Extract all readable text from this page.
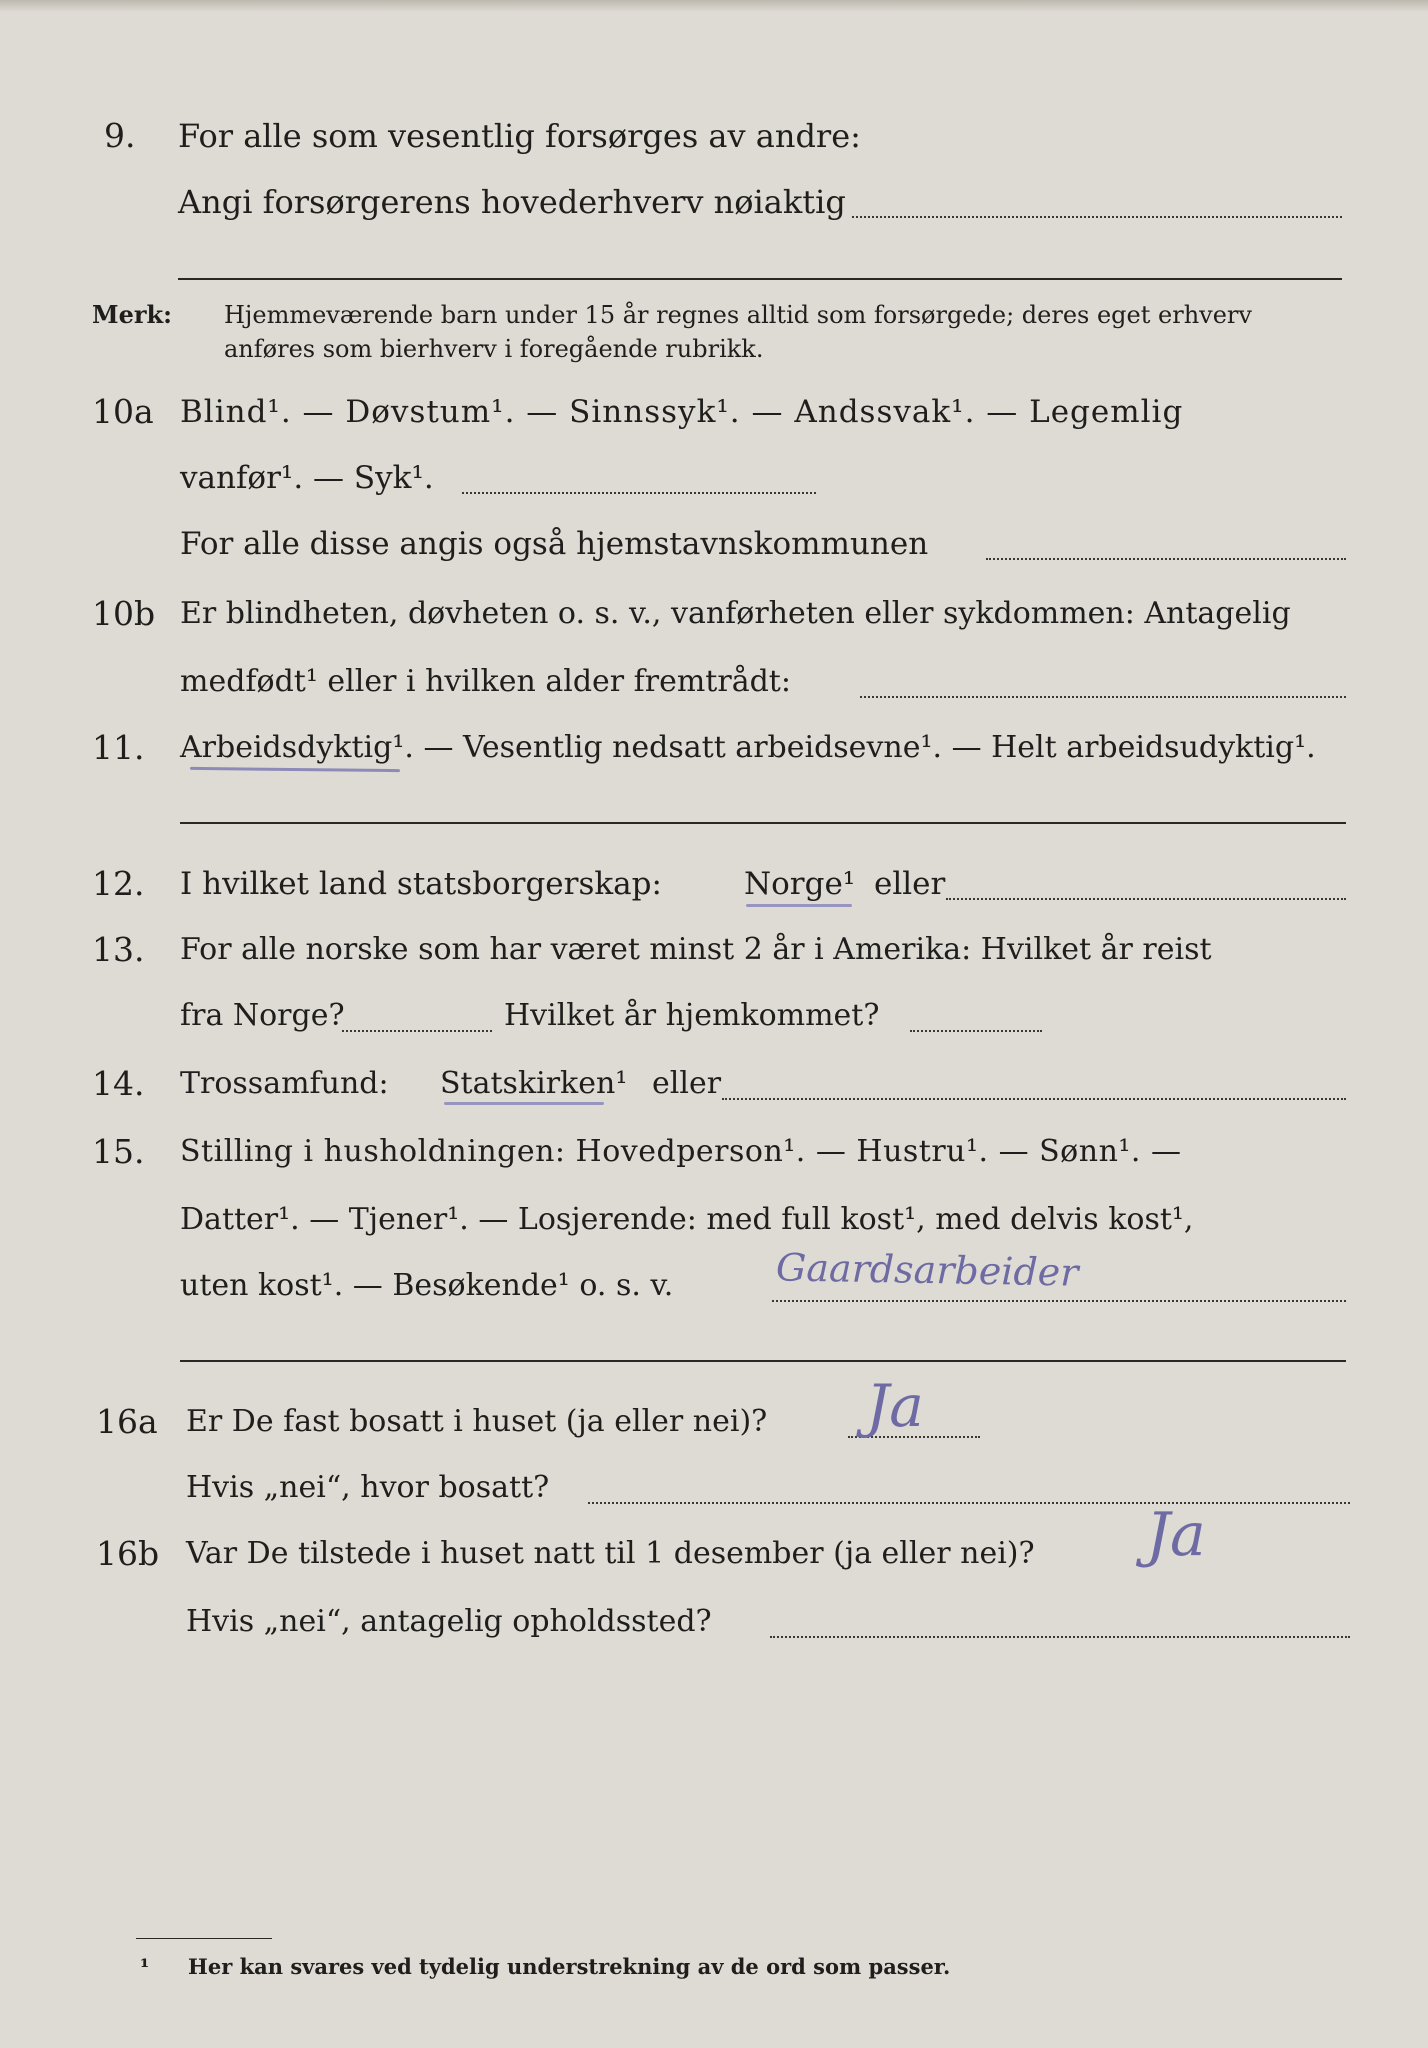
9. For alle som vesentlig forsørges av andre:
Angi forsørgerens hovederhverv nøiaktig
Merk: Hjemmeværende barn under 15 år regnes alltid som forsørgede; deres eget erhverv
anføres som bierhverv i foregående rubrikk.
10a Blind¹. — Døvstum¹. — Sinnssyk¹. — Andssvak¹. — Legemlig
vanfør¹. — Syk¹.
For alle disse angis også hjemstavnskommunen
10b Er blindheten, døvheten o. s. v., vanførheten eller sykdommen: Antagelig
medfødt¹ eller i hvilken alder fremtrådt:
11. Arbeidsdyktig¹. — Vesentlig nedsatt arbeidsevne¹. — Helt arbeidsudyktig¹.
12. I hvilket land statsborgerskap:	Norge¹ eller
13. For alle norske som har været minst 2 år i Amerika: Hvilket år reist
fra Norge?	Hvilket år hjemkommet?
14. Trossamfund: Statskirken¹ eller
15. Stilling i husholdningen: Hovedperson¹. — Hustru¹. — Sønn¹. —
Datter¹. — Tjener¹. — Losjerende: med full kost¹, med delvis kost¹,
uten kost¹. — Besøkende¹ o. s. v.	Gaardsarbeider
16a Er De fast bosatt i huset (ja eller nei)? Ja
Hvis „nei“, hvor bosatt?
16b Var De tilstede i huset natt til 1 desember (ja eller nei)? Ja
Hvis „nei“, antagelig opholdssted?
¹ Her kan svares ved tydelig understrekning av de ord som passer.
